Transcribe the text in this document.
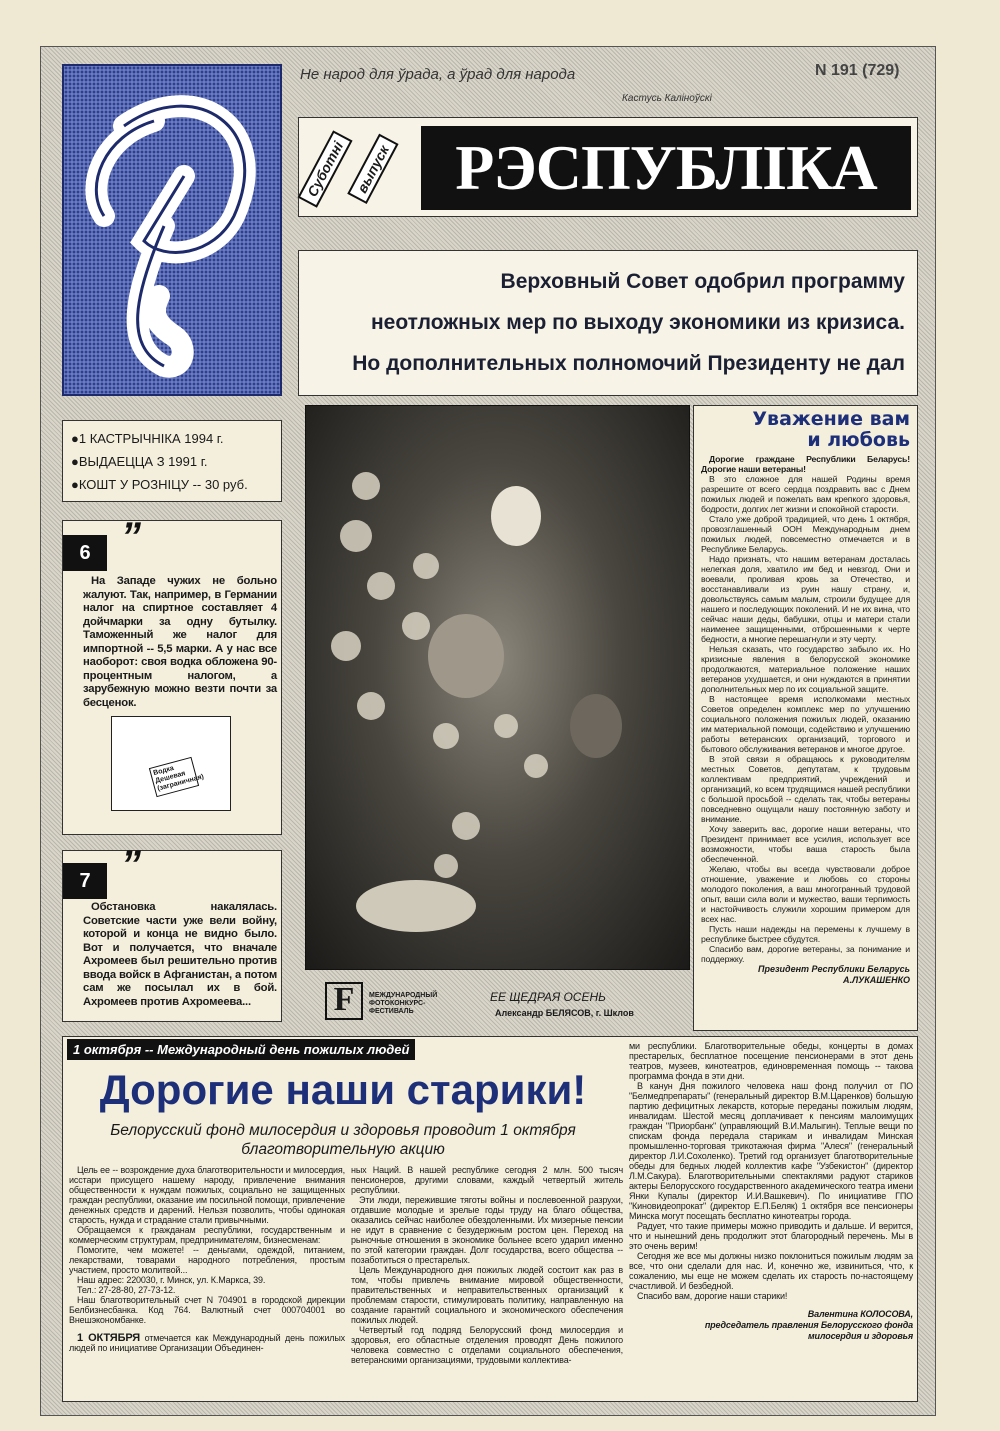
Не народ для ўрада, а ўрад для народа	N 191 (729)
Кастусь Каліноўскі
Суботні выпуск РЭСПУБЛІКА
Верховный Совет одобрил программу
неотложных мер по выходу экономики из кризиса.
Но дополнительных полномочий Президенту не дал
●1 КАСТРЫЧНІКА 1994 г.
●ВЫДАЕЦЦА З 1991 г.
●КОШТ У РОЗНІЦУ -- 30 руб.
6 ”
На Западе чужих не больно жалуют. Так, например, в Германии налог на спиртное составляет 4 дойчмарки за одну бутылку. Таможенный же налог для импортной -- 5,5 марки. А у нас все наоборот: своя водка обложена 90-процентным налогом, а зарубежную можно везти почти за бесценок.
Водка Дешевая (заграничная)
7 ”
Обстановка накалялась. Советские части уже вели войну, которой и конца не видно было. Вот и получается, что вначале Ахромеев был решительно против ввода войск в Афганистан, а потом сам же посылал их в бой. Ахромеев против Ахромеева...	F	МЕЖДУНАРОДНЫЙ ФОТОКОНКУРС-ФЕСТИВАЛЬ
ЕЕ ЩЕДРАЯ ОСЕНЬ
Александр БЕЛЯСОВ, г. Шклов
Уважение вам
и любовь

Дорогие граждане Республики Беларусь! Дорогие наши ветераны!

В это сложное для нашей Родины время разрешите от всего сердца поздравить вас с Днем пожилых людей и пожелать вам крепкого здоровья, бодрости, долгих лет жизни и спокойной старости.

Стало уже доброй традицией, что день 1 октября, провозглашенный ООН Международным днем пожилых людей, повсеместно отмечается и в Республике Беларусь.

Надо признать, что нашим ветеранам досталась нелегкая доля, хватило им бед и невзгод. Они и воевали, проливая кровь за Отечество, и восстанавливали из руин нашу страну, и, довольствуясь самым малым, строили будущее для нашего и последующих поколений. И не их вина, что сейчас наши деды, бабушки, отцы и матери стали наименее защищенными, отброшенными к черте бедности, а многие перешагнули и эту черту.

Нельзя сказать, что государство забыло их. Но кризисные явления в белорусской экономике продолжаются, материальное положение наших ветеранов ухудшается, и они нуждаются в принятии дополнительных мер по их социальной защите.

В настоящее время исполкомами местных Советов определен комплекс мер по улучшению социального положения пожилых людей, оказанию им материальной помощи, содействию и улучшению работы ветеранских организаций, торгового и бытового обслуживания ветеранов и многое другое.

В этой связи я обращаюсь к руководителям местных Советов, депутатам, к трудовым коллективам предприятий, учреждений и организаций, ко всем трудящимся нашей республики с большой просьбой -- сделать так, чтобы ветераны повседневно ощущали нашу постоянную заботу и внимание.

Хочу заверить вас, дорогие наши ветераны, что Президент принимает все усилия, использует все возможности, чтобы ваша старость была обеспеченной.

Желаю, чтобы вы всегда чувствовали доброе отношение, уважение и любовь со стороны молодого поколения, а ваш многогранный трудовой опыт, ваши сила воли и мужество, ваши терпимость и настойчивость служили хорошим примером для всех нас.

Пусть наши надежды на перемены к лучшему в республике быстрее сбудутся.

Спасибо вам, дорогие ветераны, за понимание и поддержку.

Президент Республики Беларусь
А.ЛУКАШЕНКО
1 октября -- Международный день пожилых людей
Дорогие наши старики!
Белорусский фонд милосердия и здоровья проводит 1 октября благотворительную акцию

Цель ее -- возрождение духа благотворительности и милосердия, исстари присущего нашему народу, привлечение внимания общественности к нуждам пожилых, социально не защищенных граждан республики, оказание им посильной помощи, привлечение денежных средств и дарений. Нельзя позволить, чтобы одинокая старость, нужда и страдание стали привычными.

Обращаемся к гражданам республики, государственным и коммерческим структурам, предпринимателям, бизнесменам:

Помогите, чем можете! -- деньгами, одеждой, питанием, лекарствами, товарами народного потребления, простым участием, просто молитвой...

Наш адрес: 220030, г. Минск, ул. К.Маркса, 39.

Тел.: 27-28-80, 27-73-12.

Наш благотворительный счет N 704901 в городской дирекции Белбизнесбанка. Код 764. Валютный счет 000704001 во Внешэкономбанке.

1 ОКТЯБРЯ отмечается как Международный день пожилых людей по инициативе Организации Объединен-

ных Наций. В нашей республике сегодня 2 млн. 500 тысяч пенсионеров, другими словами, каждый четвертый житель республики.

Эти люди, пережившие тяготы войны и послевоенной разрухи, отдавшие молодые и зрелые годы труду на благо общества, оказались сейчас наиболее обездоленными. Их мизерные пенсии не идут в сравнение с безудержным ростом цен. Переход на рыночные отношения в экономике больнее всего ударил именно по этой категории граждан. Долг государства, всего общества -- позаботиться о престарелых.

Цель Международного дня пожилых людей состоит как раз в том, чтобы привлечь внимание мировой общественности, правительственных и неправительственных организаций к проблемам старости, стимулировать политику, направленную на создание гарантий социального и экономического обеспечения пожилых людей.

Четвертый год подряд Белорусский фонд милосердия и здоровья, его областные отделения проводят День пожилого человека совместно с отделами социального обеспечения, ветеранскими организациями, трудовыми коллектива-

ми республики. Благотворительные обеды, концерты в домах престарелых, бесплатное посещение пенсионерами в этот день театров, музеев, кинотеатров, единовременная помощь -- такова программа фонда в эти дни.

В канун Дня пожилого человека наш фонд получил от ПО "Белмедпрепараты" (генеральный директор В.М.Царенков) большую партию дефицитных лекарств, которые переданы пожилым людям, инвалидам. Шестой месяц доплачивает к пенсиям малоимущих граждан "Приорбанк" (управляющий В.И.Малыгин). Теплые вещи по спискам фонда передала старикам и инвалидам Минская промышленно-торговая трикотажная фирма "Алеся" (генеральный директор Л.И.Сохоленко). Третий год организует благотворительные обеды для бедных людей коллектив кафе "Узбекистон" (директор Л.М.Сакура). Благотворительными спектаклями радуют стариков актеры Белорусского государственного академического театра имени Янки Купалы (директор И.И.Вашкевич). По инициативе ГПО "Киновидеопрокат" (директор Е.П.Беляк) 1 октября все пенсионеры Минска могут посещать бесплатно кинотеатры города.

Радует, что такие примеры можно приводить и дальше. И верится, что и нынешний день продолжит этот благородный перечень. Мы в это очень верим!

Сегодня же все мы должны низко поклониться пожилым людям за все, что они сделали для нас. И, конечно же, извиниться, что, к сожалению, мы еще не можем сделать их старость по-настоящему счастливой. И безбедной.

Спасибо вам, дорогие наши старики!

Валентина КОЛОСОВА,
председатель правления Белорусского фонда милосердия и здоровья
